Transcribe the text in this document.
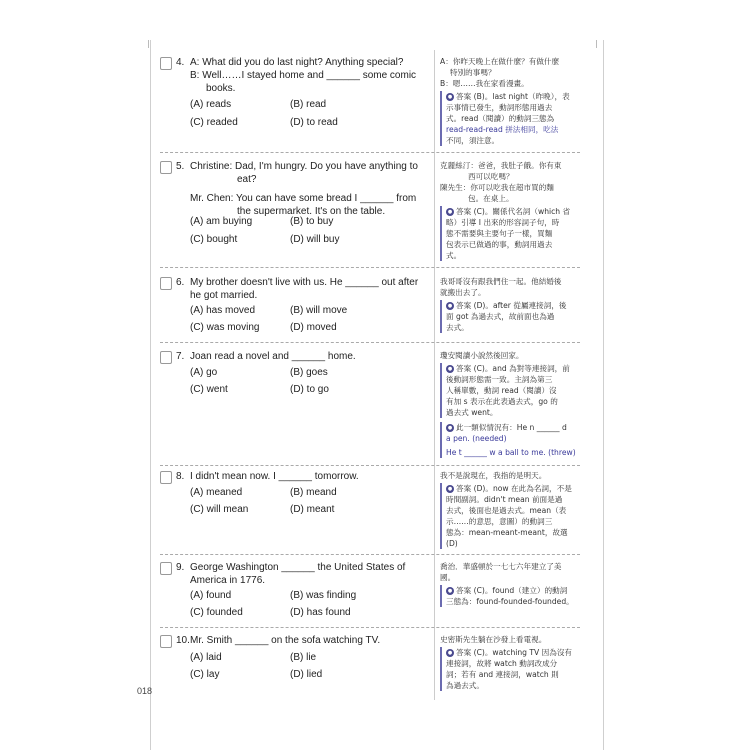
4. A: What did you do last night? Anything special?
B: Well……I stayed home and ______ some comic
books.
(A) reads	(B) read
(C) readed	(D) to read
A：你昨天晚上在做什麼？有做什麼
特別的事嗎？
B：嗯……我在家看漫畫。
● 答案 (B)。last night（昨晚），表
示事情已發生，動詞形態用過去
式。read（閱讀）的動詞三態為
read-read-read 拼法相同，吃法
不同，須注意。
5. Christine: Dad, I'm hungry. Do you have anything to
eat?
Mr. Chen: You can have some bread I ______ from
the supermarket. It's on the table.
(A) am buying	(B) to buy
(C) bought	(D) will buy
克麗絲汀：爸爸，我肚子餓。你有東
西可以吃嗎？
陳先生：你可以吃我在超市買的麵
包。在桌上。
● 答案 (C)。關係代名詞（which 省
略）引導 I 出來的形容詞子句，時
態不需要與主要句子一樣，買麵
包表示已做過的事，動詞用過去
式。
6. My brother doesn't live with us. He ______ out after
he got married.
(A) has moved	(B) will move
(C) was moving	(D) moved
我哥哥沒有跟我們住一起。他結婚後
就搬出去了。
● 答案 (D)。after 從屬連接詞，後
面 got 為過去式，故前面也為過
去式。
7. Joan read a novel and ______ home.
(A) go	(B) goes
(C) went	(D) to go
瓊安閱讀小說然後回家。
● 答案 (C)。and 為對等連接詞，前
後動詞形態需一致。主詞為第三
人稱單數，動詞 read（閱讀）沒
有加 s 表示在此表過去式，go 的
過去式 went。
● 此一類似情況有：He n ______ d
a pen. (needed)
He t ______ w a ball to me. (threw)
8. I didn't mean now. I ______ tomorrow.
(A) meaned	(B) meand
(C) will mean	(D) meant
我不是說現在，我指的是明天。
● 答案 (D)。now 在此為名詞，不是
時間副詞。didn't mean 前面是過
去式，後面也是過去式。mean（表
示……的意思，意圖）的動詞三
態為：mean-meant-meant，故選
(D)
9. George Washington ______ the United States of
America in 1776.
(A) found	(B) was finding
(C) founded	(D) has found
喬治．華盛頓於一七七六年建立了美
國。
● 答案 (C)。found（建立）的動詞
三態為：found-founded-founded。
10. Mr. Smith ______ on the sofa watching TV.
(A) laid	(B) lie
(C) lay	(D) lied
史密斯先生躺在沙發上看電視。
● 答案 (C)。watching TV 因為沒有
連接詞，故將 watch 動詞改成分
詞；若有 and 連接詞，watch 則
為過去式。
018
